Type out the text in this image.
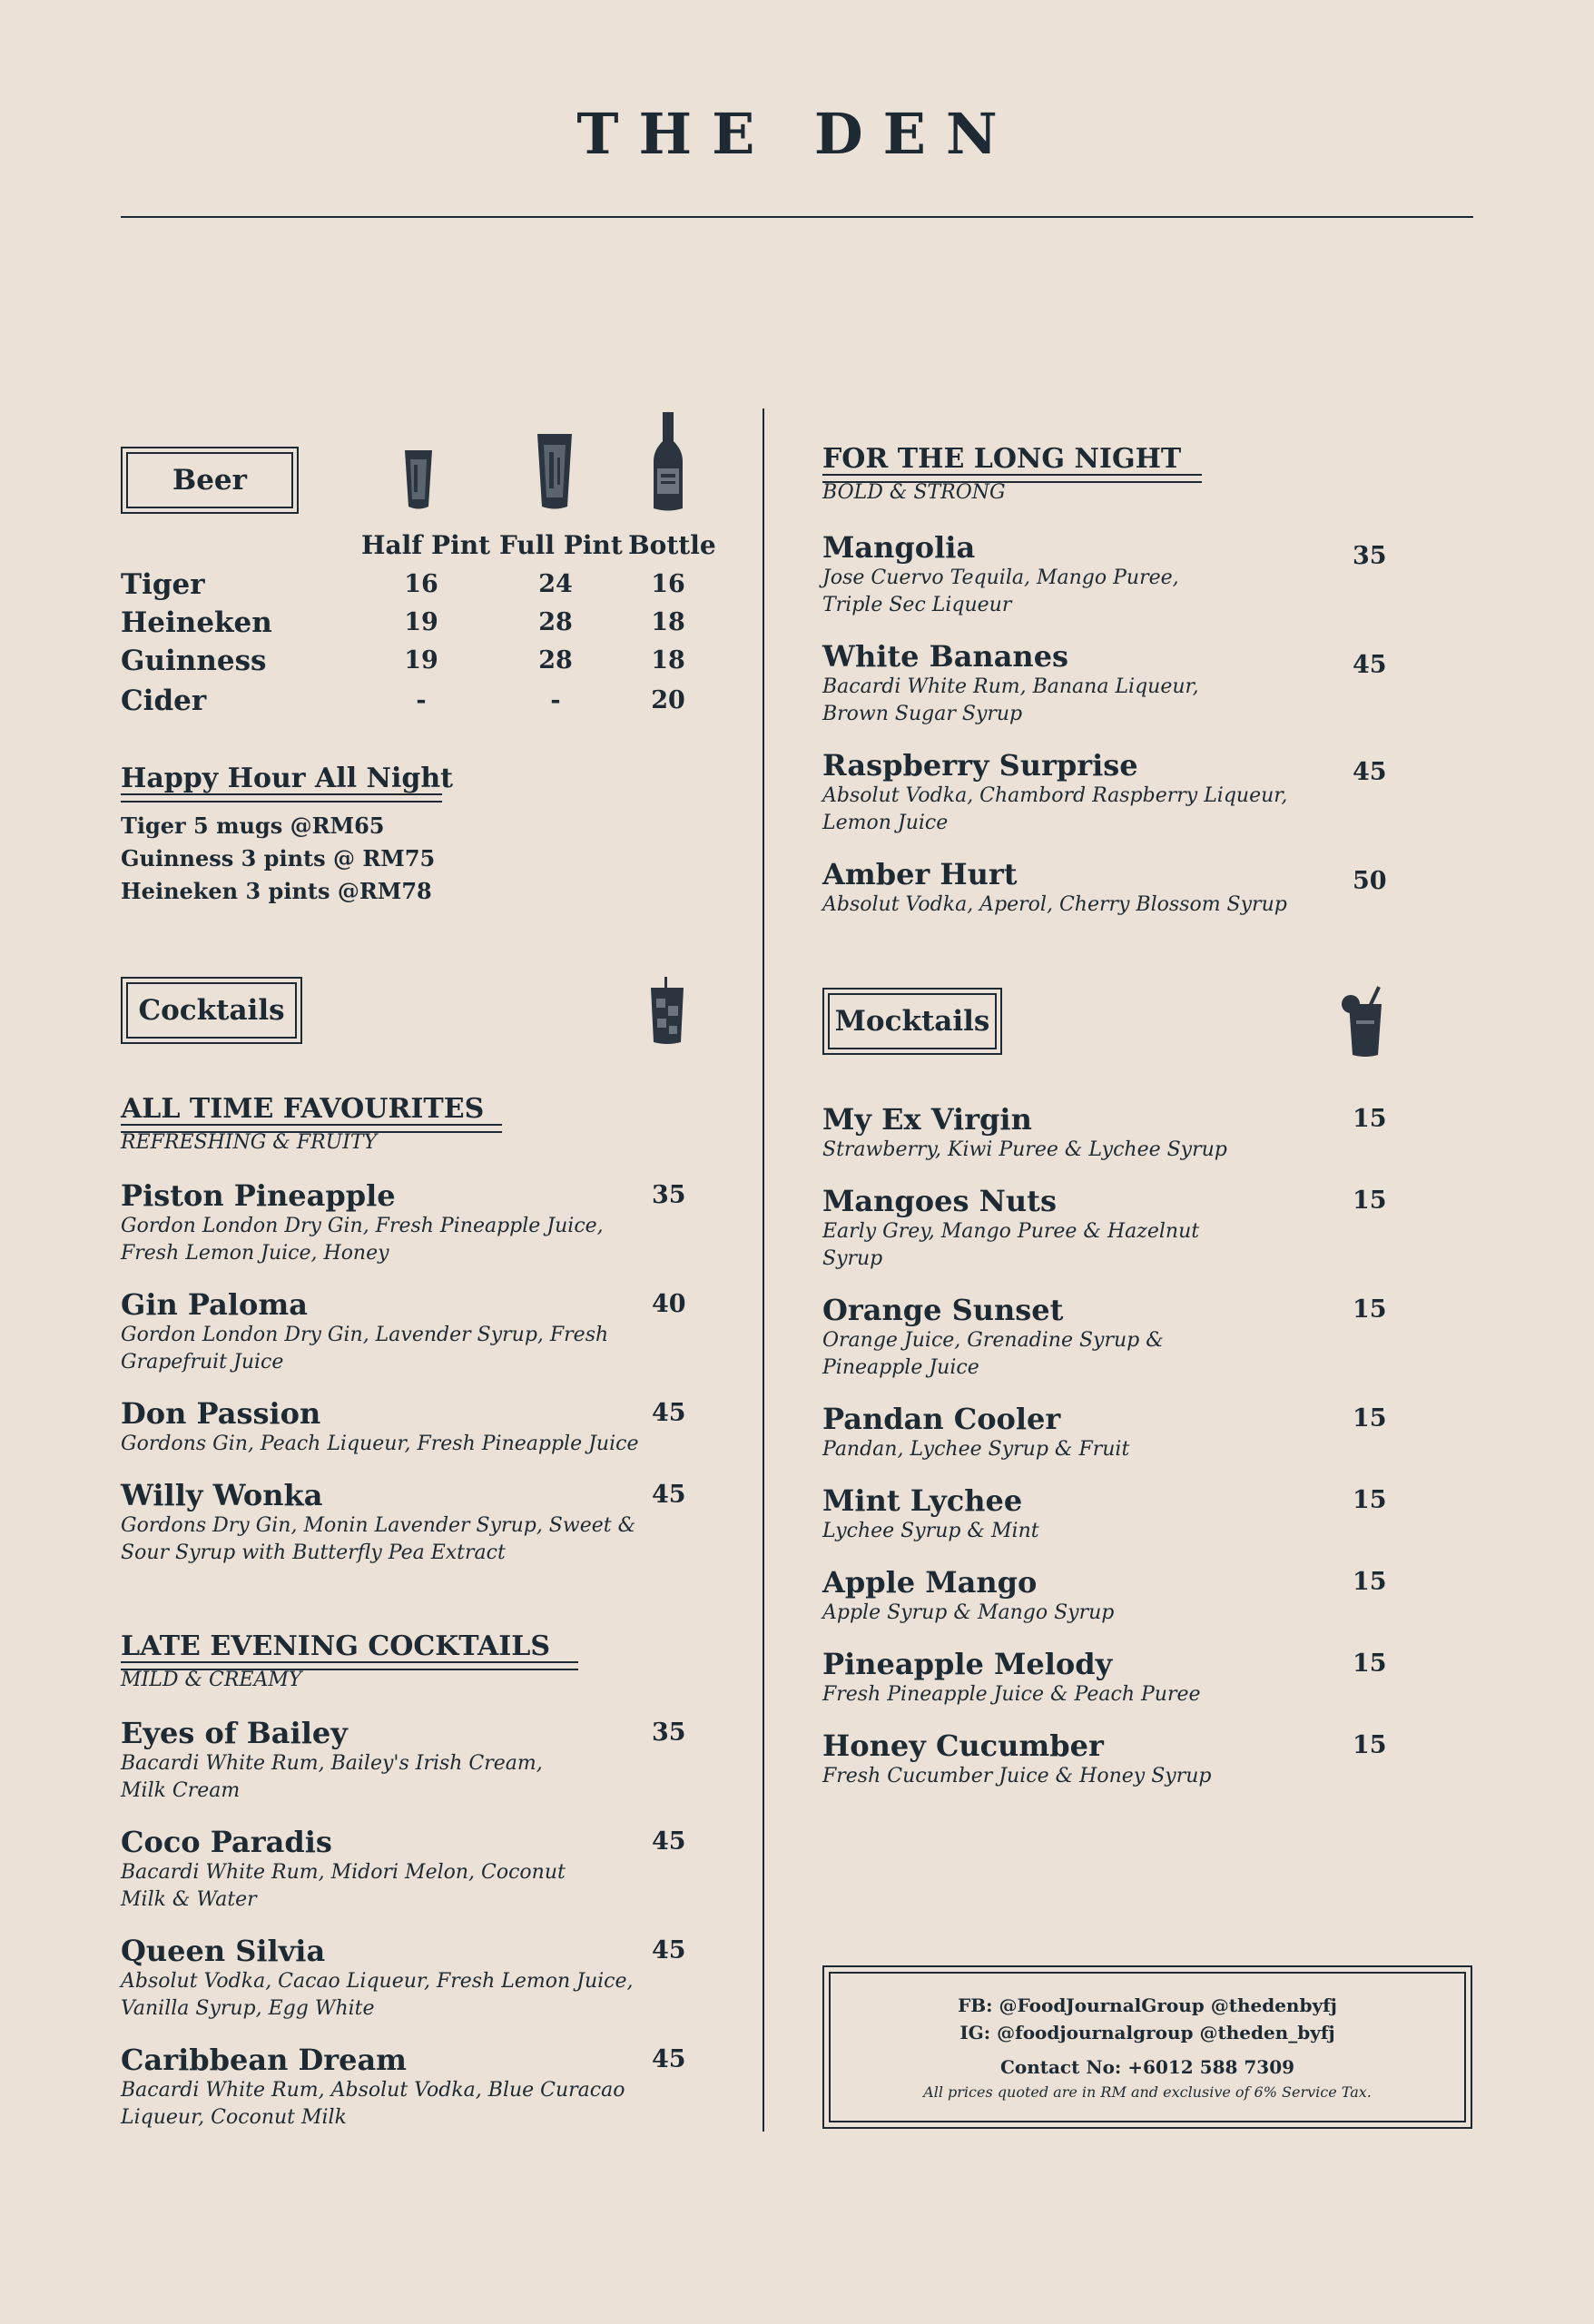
THE DEN
Beer
Half Pint Full Pint Bottle
Tiger	16	24	16
Heineken	19	28	18
Guinness	19	28	18
Cider	-	-	20
Happy Hour All Night
Tiger 5 mugs @RM65
Guinness 3 pints @ RM75
Heineken 3 pints @RM78
Cocktails
ALL TIME FAVOURITES
REFRESHING & FRUITY
Piston Pineapple
Gordon London Dry Gin, Fresh Pineapple Juice,
Fresh Lemon Juice, Honey
35
Gin Paloma
Gordon London Dry Gin, Lavender Syrup, Fresh
Grapefruit Juice
40
Don Passion
Gordons Gin, Peach Liqueur, Fresh Pineapple Juice
45
Willy Wonka
Gordons Dry Gin, Monin Lavender Syrup, Sweet &
Sour Syrup with Butterfly Pea Extract
45
LATE EVENING COCKTAILS
MILD & CREAMY
Eyes of Bailey
Bacardi White Rum, Bailey's Irish Cream,
Milk Cream
35
Coco Paradis
Bacardi White Rum, Midori Melon, Coconut
Milk & Water
45
Queen Silvia
Absolut Vodka, Cacao Liqueur, Fresh Lemon Juice,
Vanilla Syrup, Egg White
45
Caribbean Dream
Bacardi White Rum, Absolut Vodka, Blue Curacao
Liqueur, Coconut Milk
45
FOR THE LONG NIGHT
BOLD & STRONG
Mangolia
Jose Cuervo Tequila, Mango Puree,
Triple Sec Liqueur
35
White Bananes
Bacardi White Rum, Banana Liqueur,
Brown Sugar Syrup
45
Raspberry Surprise
Absolut Vodka, Chambord Raspberry Liqueur,
Lemon Juice
45
Amber Hurt
Absolut Vodka, Aperol, Cherry Blossom Syrup
50
Mocktails
My Ex Virgin
Strawberry, Kiwi Puree & Lychee Syrup
15
Mangoes Nuts
Early Grey, Mango Puree & Hazelnut
Syrup
15
Orange Sunset
Orange Juice, Grenadine Syrup &
Pineapple Juice
15
Pandan Cooler
Pandan, Lychee Syrup & Fruit
15
Mint Lychee
Lychee Syrup & Mint
15
Apple Mango
Apple Syrup & Mango Syrup
15
Pineapple Melody
Fresh Pineapple Juice & Peach Puree
15
Honey Cucumber
Fresh Cucumber Juice & Honey Syrup
15
FB: @FoodJournalGroup @thedenbyfj
IG: @foodjournalgroup @theden_byfj
Contact No: +6012 588 7309
All prices quoted are in RM and exclusive of 6% Service Tax.
